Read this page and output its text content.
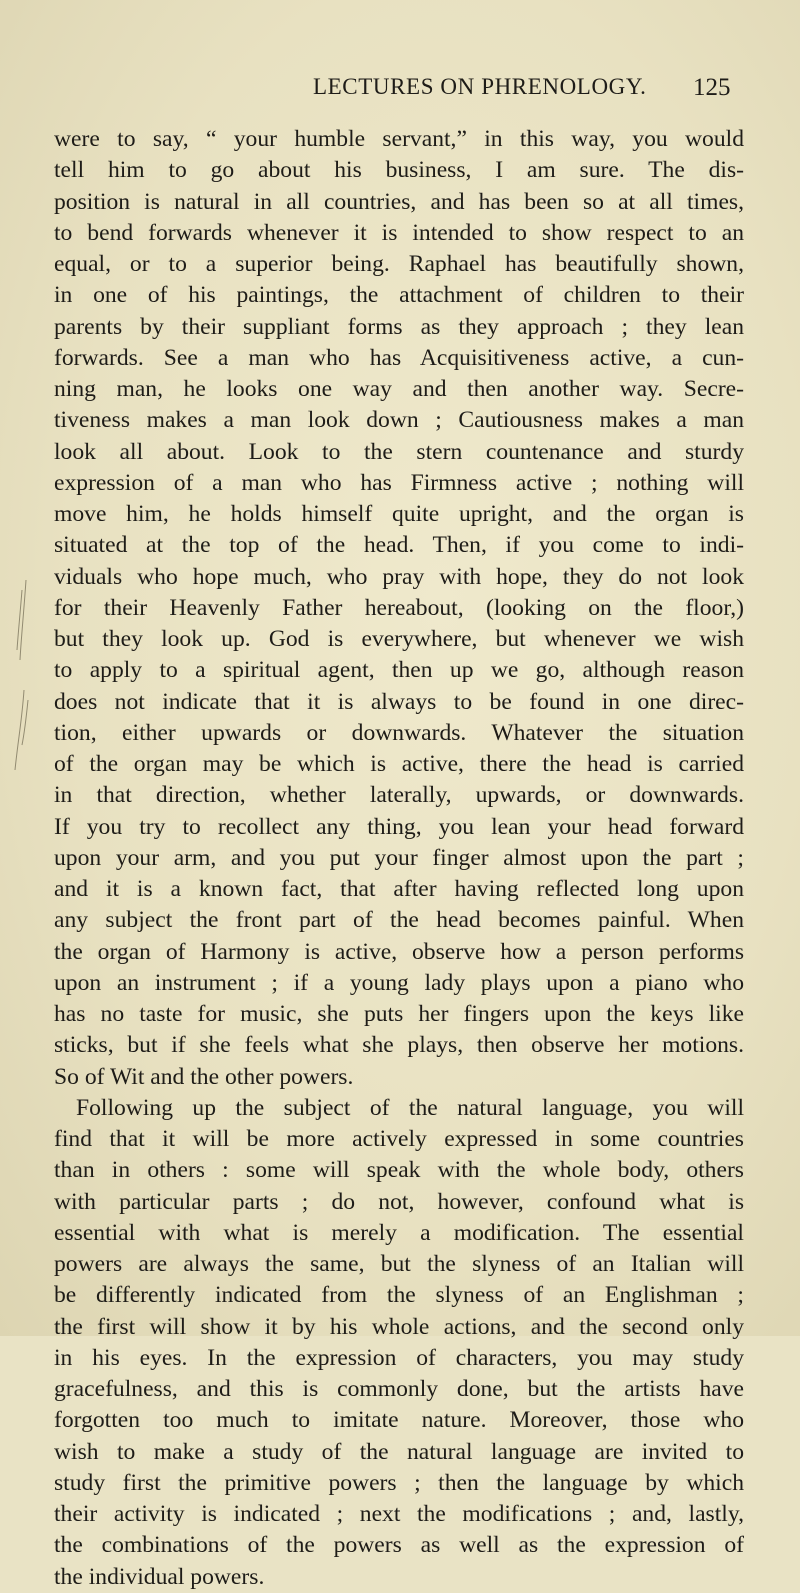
LECTURES ON PHRENOLOGY. 125
were to say, “ your humble servant,” in this way, you would
tell him to go about his business, I am sure. The dis-
position is natural in all countries, and has been so at all times,
to bend forwards whenever it is intended to show respect to an
equal, or to a superior being. Raphael has beautifully shown,
in one of his paintings, the attachment of children to their
parents by their suppliant forms as they approach ; they lean
forwards. See a man who has Acquisitiveness active, a cun-
ning man, he looks one way and then another way. Secre-
tiveness makes a man look down ; Cautiousness makes a man
look all about. Look to the stern countenance and sturdy
expression of a man who has Firmness active ; nothing will
move him, he holds himself quite upright, and the organ is
situated at the top of the head. Then, if you come to indi-
viduals who hope much, who pray with hope, they do not look
for their Heavenly Father hereabout, (looking on the floor,)
but they look up. God is everywhere, but whenever we wish
to apply to a spiritual agent, then up we go, although reason
does not indicate that it is always to be found in one direc-
tion, either upwards or downwards. Whatever the situation
of the organ may be which is active, there the head is carried
in that direction, whether laterally, upwards, or downwards.
If you try to recollect any thing, you lean your head forward
upon your arm, and you put your finger almost upon the part ;
and it is a known fact, that after having reflected long upon
any subject the front part of the head becomes painful. When
the organ of Harmony is active, observe how a person performs
upon an instrument ; if a young lady plays upon a piano who
has no taste for music, she puts her fingers upon the keys like
sticks, but if she feels what she plays, then observe her motions.
So of Wit and the other powers.
Following up the subject of the natural language, you will
find that it will be more actively expressed in some countries
than in others : some will speak with the whole body, others
with particular parts ; do not, however, confound what is
essential with what is merely a modification. The essential
powers are always the same, but the slyness of an Italian will
be differently indicated from the slyness of an Englishman ;
the first will show it by his whole actions, and the second only
in his eyes. In the expression of characters, you may study
gracefulness, and this is commonly done, but the artists have
forgotten too much to imitate nature. Moreover, those who
wish to make a study of the natural language are invited to
study first the primitive powers ; then the language by which
their activity is indicated ; next the modifications ; and, lastly,
the combinations of the powers as well as the expression of
the individual powers.
